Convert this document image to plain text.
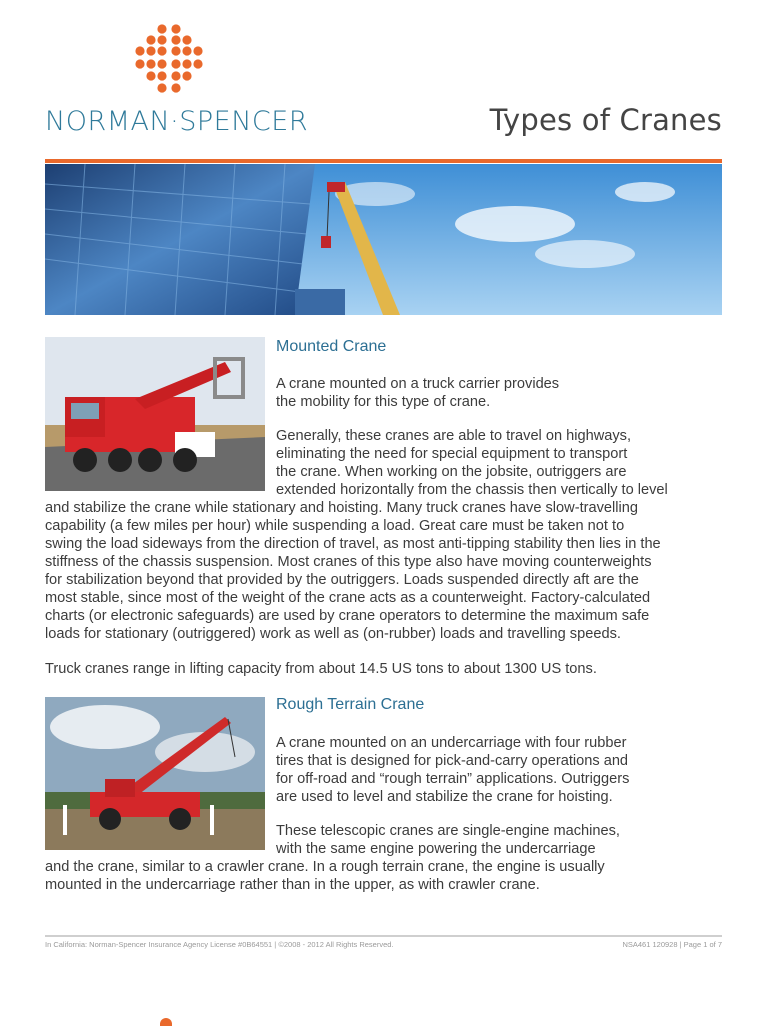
NORMAN·SPENCER	Types of Cranes
Mounted Crane
A crane mounted on a truck carrier provides
the mobility for this type of crane.
Generally, these cranes are able to travel on highways,
eliminating the need for special equipment to transport
the crane. When working on the jobsite, outriggers are
extended horizontally from the chassis then vertically to level
and stabilize the crane while stationary and hoisting. Many truck cranes have slow-travelling
capability (a few miles per hour) while suspending a load. Great care must be taken not to
swing the load sideways from the direction of travel, as most anti-tipping stability then lies in the
stiffness of the chassis suspension. Most cranes of this type also have moving counterweights
for stabilization beyond that provided by the outriggers. Loads suspended directly aft are the
most stable, since most of the weight of the crane acts as a counterweight. Factory-calculated
charts (or electronic safeguards) are used by crane operators to determine the maximum safe
loads for stationary (outriggered) work as well as (on-rubber) loads and travelling speeds.
Truck cranes range in lifting capacity from about 14.5 US tons to about 1300 US tons.
Rough Terrain Crane
A crane mounted on an undercarriage with four rubber
tires that is designed for pick-and-carry operations and
for off-road and “rough terrain” applications. Outriggers
are used to level and stabilize the crane for hoisting.
These telescopic cranes are single-engine machines,
with the same engine powering the undercarriage
and the crane, similar to a crawler crane. In a rough terrain crane, the engine is usually
mounted in the undercarriage rather than in the upper, as with crawler crane.
In California: Norman-Spencer Insurance Agency License #0B64551 | ©2008 - 2012 All Rights Reserved.	NSA461 120928 | Page 1 of 7
